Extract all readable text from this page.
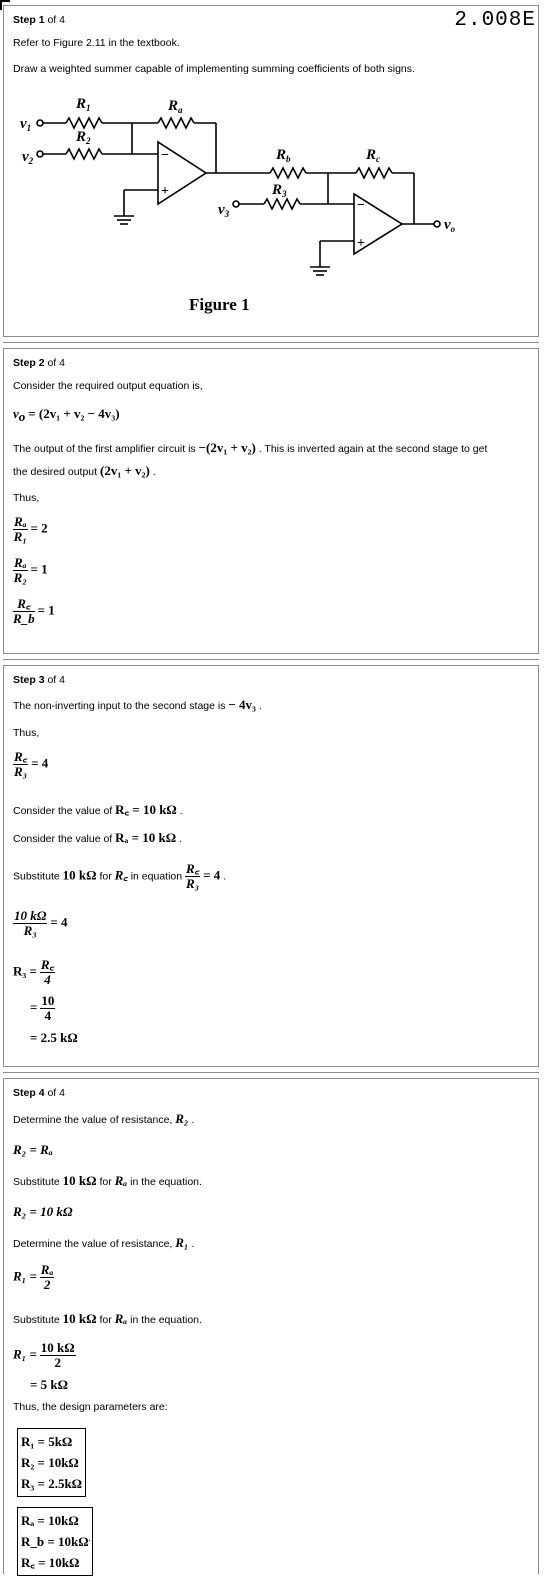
2.008E
Step 1 of 4
Refer to Figure 2.11 in the textbook.
Draw a weighted summer capable of implementing summing coefficients of both signs.
$v_1$
$v_2$
$R_1$
$R_2$
$R_a$
$R_b$	$R_c$
$R_3$
$v_3$
$v_o$
−
+
−
+
Figure 1
Step 2 of 4
Consider the required output equation is,
$v_o = (2v_1 + v_2 - 4v_3)$
The output of the first amplifier circuit is −(2v₁ + v₂) . This is inverted again at the second stage to get
the desired output (2v₁ + v₂) .
Thus,
$\frac{\text{Rₐ}}{\text{R₁}} = 2$
$\frac{\text{Rₐ}}{\text{R₂}} = 1$
$\frac{R꜀}{R\_b} = 1$
Step 3 of 4
The non-inverting input to the second stage is − 4v₃ .
Thus,
$\frac{R꜀}{\text{R₃}} = 4$
Consider the value of R꜀ = 10 kΩ .
Consider the value of Rₐ = 10 kΩ .
Substitute 10 kΩ for R꜀ in equation $\frac{R꜀}{\text{R₃}} = 4$ .
$\frac{10 k\Omega}{\text{R₃}} = 4$
$R_3 = \frac{R꜀}{4}$
= $\frac{10}{4}$
= 2.5 kΩ
Step 4 of 4
Determine the value of resistance, R₂ .
R₂ = Rₐ
Substitute 10 kΩ for Rₐ in the equation.
R₂ = 10 kΩ
Determine the value of resistance, R₁ .
$R_1 = \frac{\text{Rₐ}}{2}$
Substitute 10 kΩ for Rₐ in the equation.
$R_1 = \frac{10 k\Omega}{2}$
= 5 kΩ
Thus, the design parameters are:
R₁ = 5kΩ
R₂ = 10kΩ
R₃ = 2.5kΩ
Rₐ = 10kΩ
R_b = 10kΩ
R꜀ = 10kΩ
.
